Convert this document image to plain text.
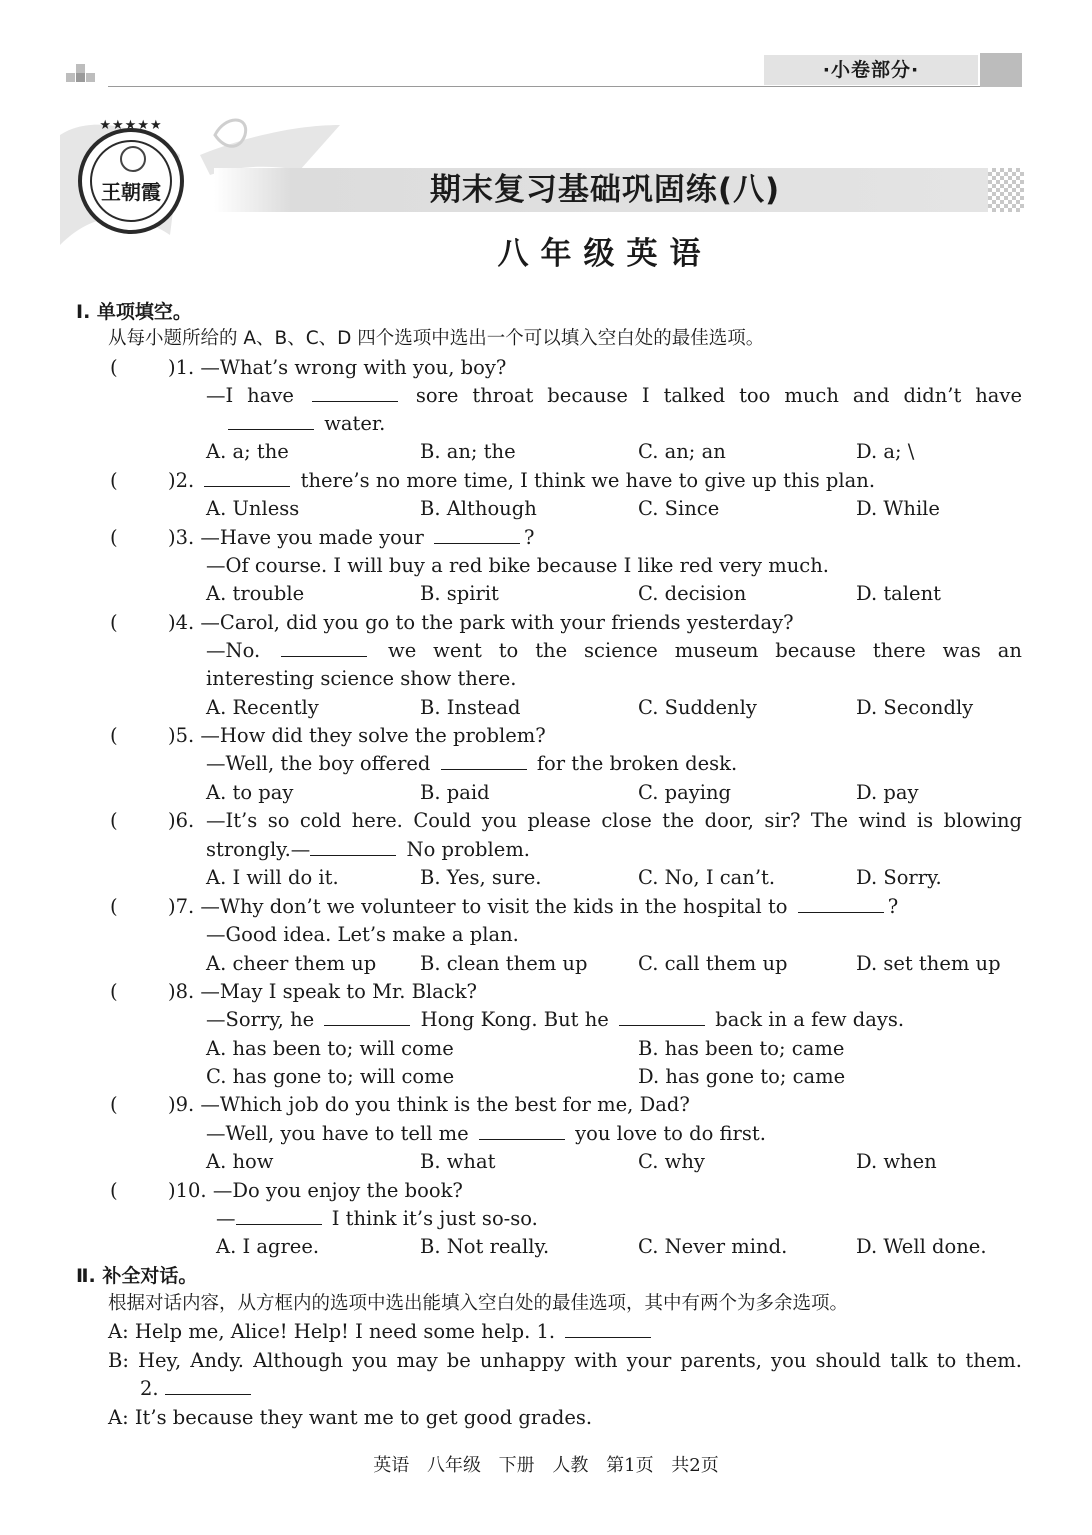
·小卷部分·
★★★★★
王朝霞	期末复习基础巩固练(八)
八年级英语
Ⅰ. 单项填空。
从每小题所给的 A、B、C、D 四个选项中选出一个可以填入空白处的最佳选项。
(	)1. —What’s wrong with you, boy?
—I have	sore throat because I talked too much and didn’t have
water.
A. a; the	B. an; the	C. an; an	D. a; \
(	)2.	there’s no more time, I think we have to give up this plan.
A. Unless	B. Although	C. Since	D. While
(	)3. —Have you made your	?
—Of course. I will buy a red bike because I like red very much.
A. trouble	B. spirit	C. decision	D. talent
(	)4. —Carol, did you go to the park with your friends yesterday?
—No.	we went to the science museum because there was an
interesting science show there.
A. Recently	B. Instead	C. Suddenly	D. Secondly
(	)5. —How did they solve the problem?
—Well, the boy offered	for the broken desk.
A. to pay	B. paid	C. paying	D. pay
(	)6. —It’s so cold here. Could you please close the door, sir? The wind is blowing
strongly.—	No problem.
A. I will do it.	B. Yes, sure.	C. No, I can’t.	D. Sorry.
(	)7. —Why don’t we volunteer to visit the kids in the hospital to	?
—Good idea. Let’s make a plan.
A. cheer them up B. clean them up	C. call them up	D. set them up
(	)8. —May I speak to Mr. Black?
—Sorry, he	Hong Kong. But he	back in a few days.
A. has been to; will come	B. has been to; came
C. has gone to; will come	D. has gone to; came
(	)9. —Which job do you think is the best for me, Dad?
—Well, you have to tell me	you love to do first.
A. how	B. what	C. why	D. when
(	)10. —Do you enjoy the book?
—	I think it’s just so-so.
A. I agree.	B. Not really.	C. Never mind.	D. Well done.
Ⅱ. 补全对话。
根据对话内容，从方框内的选项中选出能填入空白处的最佳选项，其中有两个为多余选项。
A: Help me, Alice! Help! I need some help. 1.
B: Hey, Andy. Although you may be unhappy with your parents, you should talk to them.
2.
A: It’s because they want me to get good grades.
英语 八年级 下册 人教 第1页 共2页
